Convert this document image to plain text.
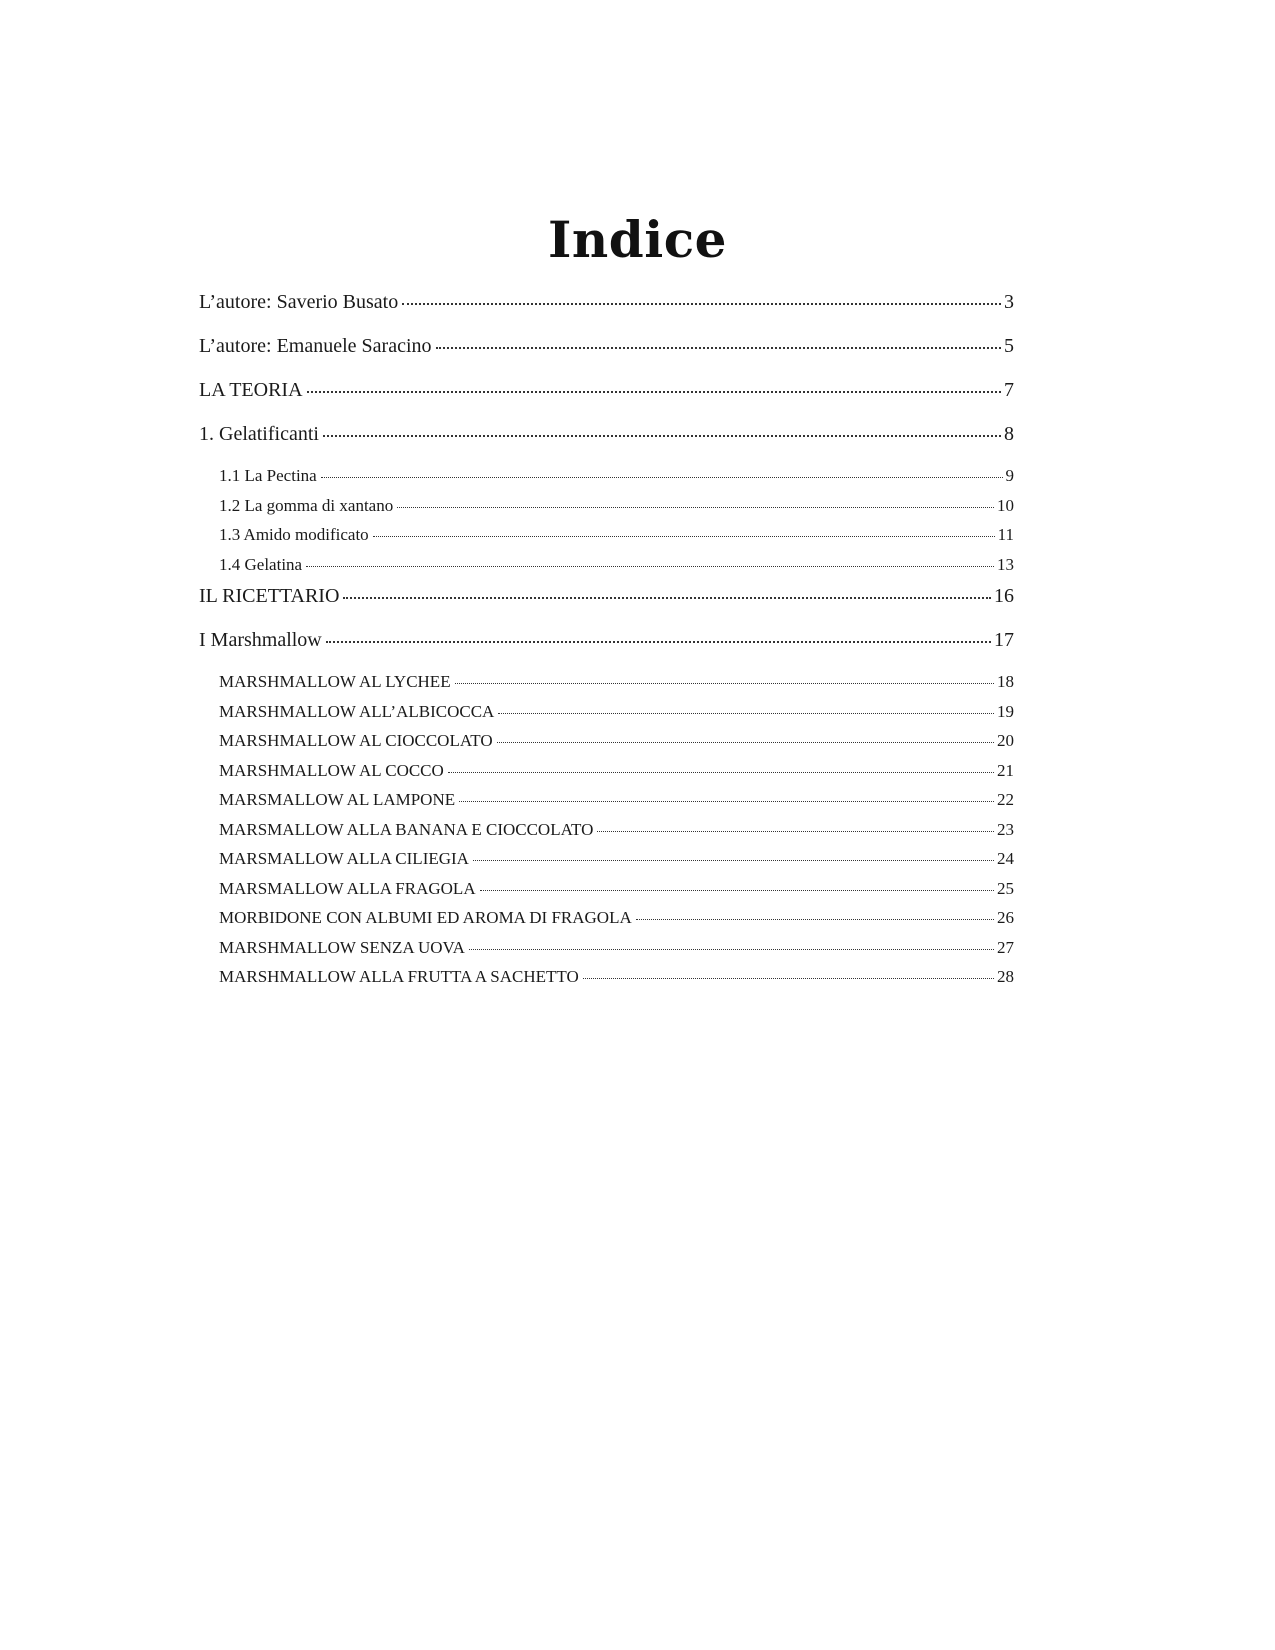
Indice
L’autore: Saverio Busato	3
L’autore: Emanuele Saracino	5
LA TEORIA	7
1. Gelatificanti	8
1.1 La Pectina	9
1.2 La gomma di xantano	10
1.3 Amido modificato	11
1.4 Gelatina	13
IL RICETTARIO	16
I Marshmallow	17
MARSHMALLOW AL LYCHEE	18
MARSHMALLOW ALL’ALBICOCCA	19
MARSHMALLOW AL CIOCCOLATO	20
MARSHMALLOW AL COCCO	21
MARSMALLOW AL LAMPONE	22
MARSMALLOW ALLA BANANA E CIOCCOLATO	23
MARSMALLOW ALLA CILIEGIA	24
MARSMALLOW ALLA FRAGOLA	25
MORBIDONE CON ALBUMI ED AROMA DI FRAGOLA	26
MARSHMALLOW SENZA UOVA	27
MARSHMALLOW ALLA FRUTTA A SACHETTO	28
